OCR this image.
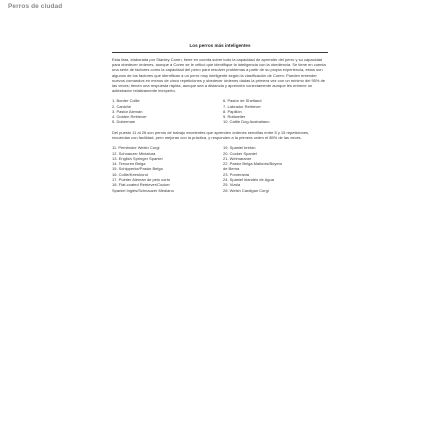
Perros de ciudad
Los perros más inteligentes

Esta lista, elaborada por Stanley Coren, tiene en cuenta sobre todo la capacidad de aprender del perro y su capacidad para obedecer órdenes, aunque a Coren se le criticó que identifique la inteligencia con la obediencia. Se tiene en cuenta una serie de factores como la capacidad del perro para resolver problemas a partir de su propia experiencia, estos son algunos de los factores que identifican a un perro muy inteligente según la clasificación de Coren: Pueden entender nuevos comandos en menos de cinco repeticiones y obedecer órdenes dadas la primera vez con un mínimo del 95% de las veces; tienen una respuesta rápida, aunque sea a distancia y aprenden conectamente aunque les entrene un adiestrador relativamente inexperto.

1. Border Collie
2. Caniche
3. Pastor Alemán
4. Golden Retriever
5. Doberman
6. Pastor de Shetland
7. Labrador Retriever
8. Papillón
9. Rottweiler
10. Cattle Dog Australiano

Del puesto 11 al 26 son perros de trabajo excelentes que aprenden órdenes sencillas entre 5 y 15 repeticiones, recuerdan con facilidad, pero mejoran con la práctica, y responden a la primera orden el 85% de las veces.

11. Pembroke Welsh Corgi
12. Schnauzer Miniatura
13. English Springer Spaniel
14. Tervuren Belga
15. Schipperke/Pastor Belga
16. Collie/Keeshond
17. Pointer Alemán de pelo corto
18. Flat-coated Retriever/Cocker
Spaniel Inglés/Schnauzer Mediano
19. Spaniel bretón
20. Cocker Spaniel
21. Weimaraner
22. Pastor Belga Malinois/Boyero
de Berna
23. Pomerania
24. Spaniel irlandés de Agua
25. Vizsla
26. Welsh Cardigan Corgi
